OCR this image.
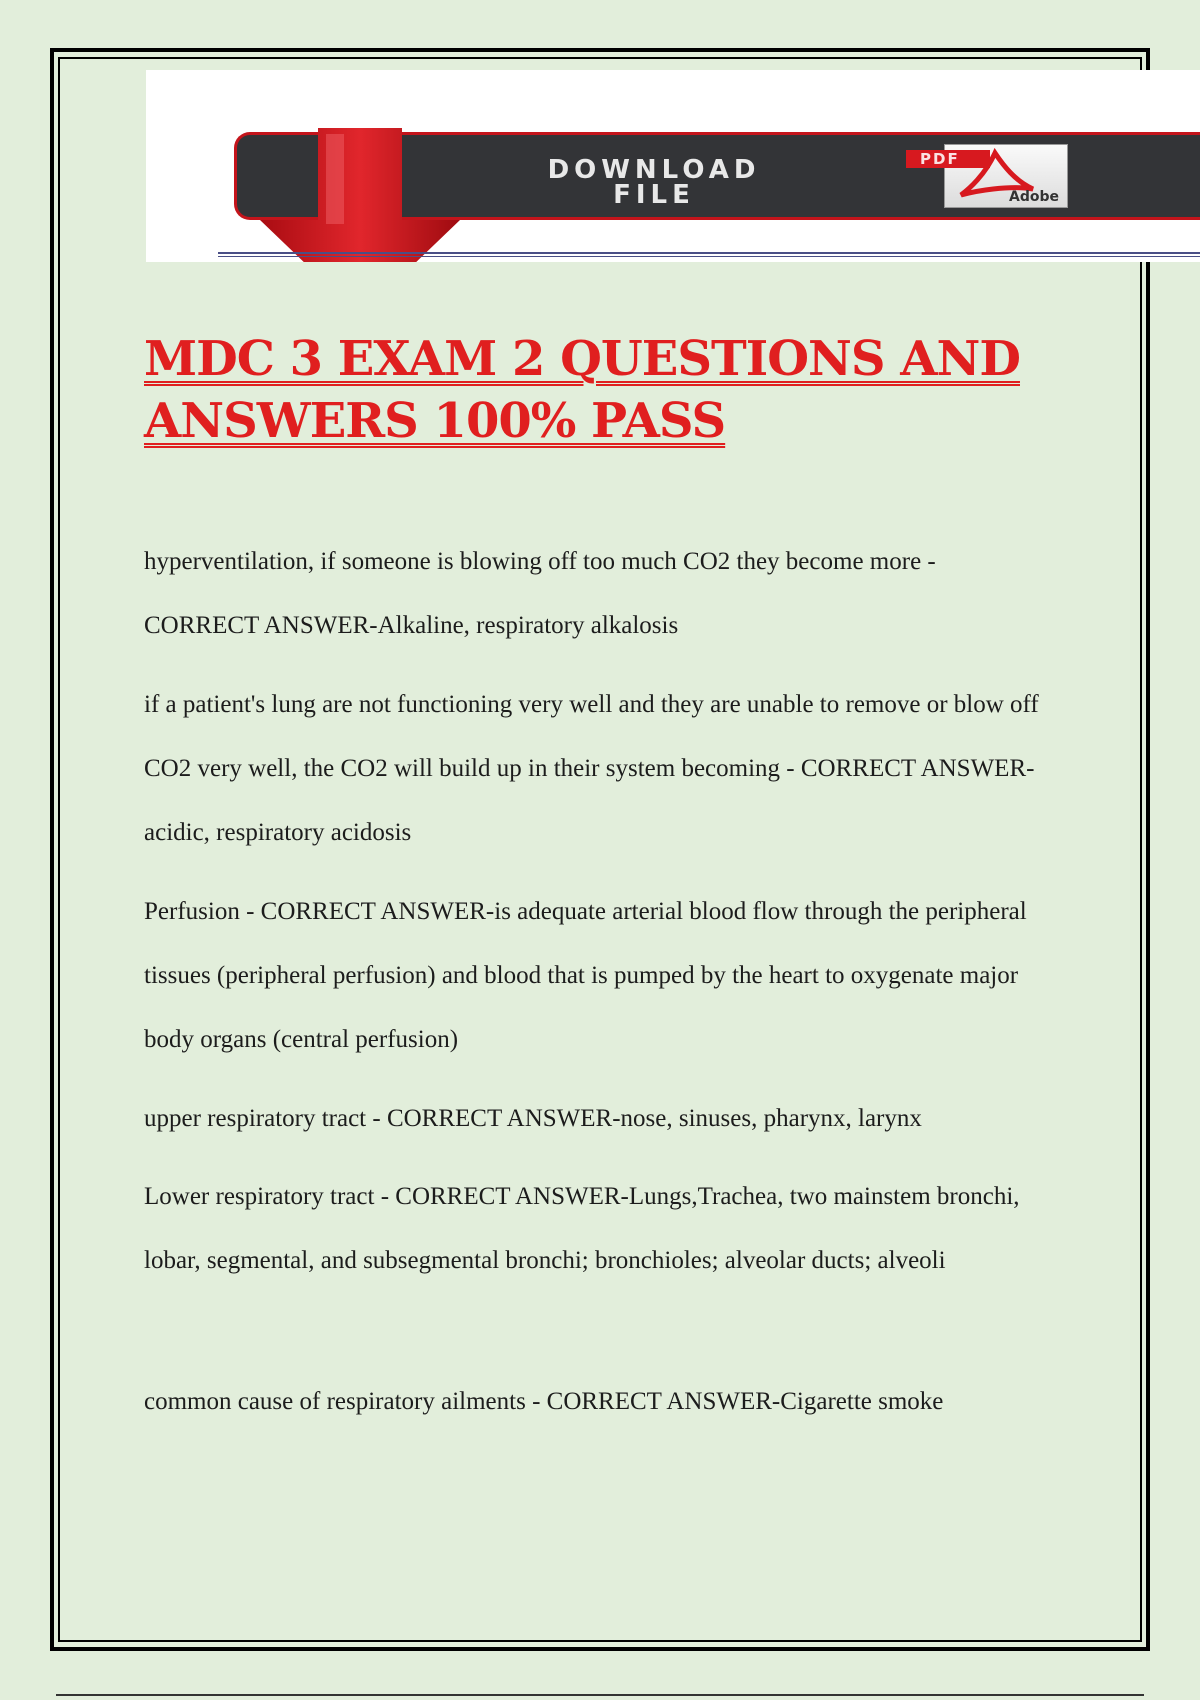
DOWNLOAD
FILE	Adobe
PDF
MDC 3 EXAM 2 QUESTIONS AND ANSWERS 100% PASS

hyperventilation, if someone is blowing off too much CO2 they become more - CORRECT ANSWER-Alkaline, respiratory alkalosis

if a patient's lung are not functioning very well and they are unable to remove or blow off CO2 very well, the CO2 will build up in their system becoming - CORRECT ANSWER-acidic, respiratory acidosis

Perfusion - CORRECT ANSWER-is adequate arterial blood flow through the peripheral tissues (peripheral perfusion) and blood that is pumped by the heart to oxygenate major body organs (central perfusion)

upper respiratory tract - CORRECT ANSWER-nose, sinuses, pharynx, larynx

Lower respiratory tract - CORRECT ANSWER-Lungs,Trachea, two mainstem bronchi, lobar, segmental, and subsegmental bronchi; bronchioles; alveolar ducts; alveoli

common cause of respiratory ailments - CORRECT ANSWER-Cigarette smoke
